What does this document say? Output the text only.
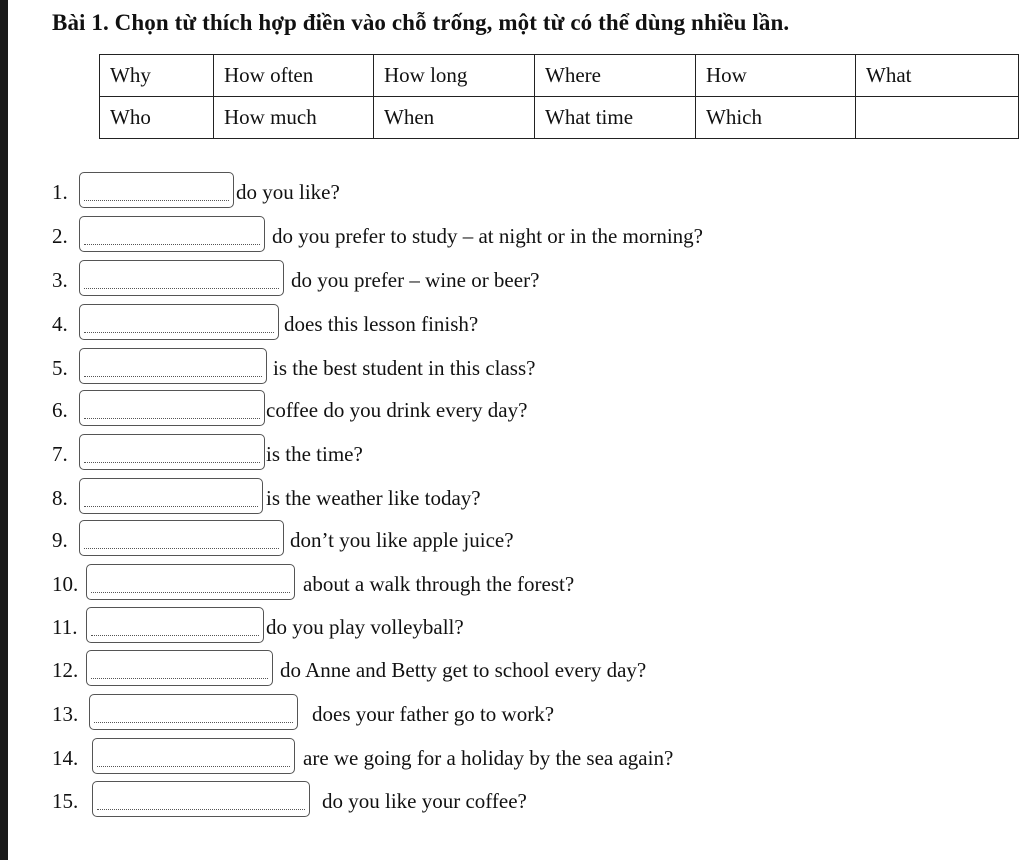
Bài 1. Chọn từ thích hợp điền vào chỗ trống, một từ có thể dùng nhiều lần.
Why	How often	How long	Where	How	What
Who	How much	When	What time	Which	
1.	do you like?
2.	do you prefer to study – at night or in the morning?
3.	do you prefer – wine or beer?
4.	does this lesson finish?
5.	is the best student in this class?
6.	coffee do you drink every day?
7.	is the time?
8.	is the weather like today?
9.	don’t you like apple juice?
10.	about a walk through the forest?
11.	do you play volleyball?
12.	do Anne and Betty get to school every day?
13.	does your father go to work?
14.	are we going for a holiday by the sea again?
15.	do you like your coffee?
